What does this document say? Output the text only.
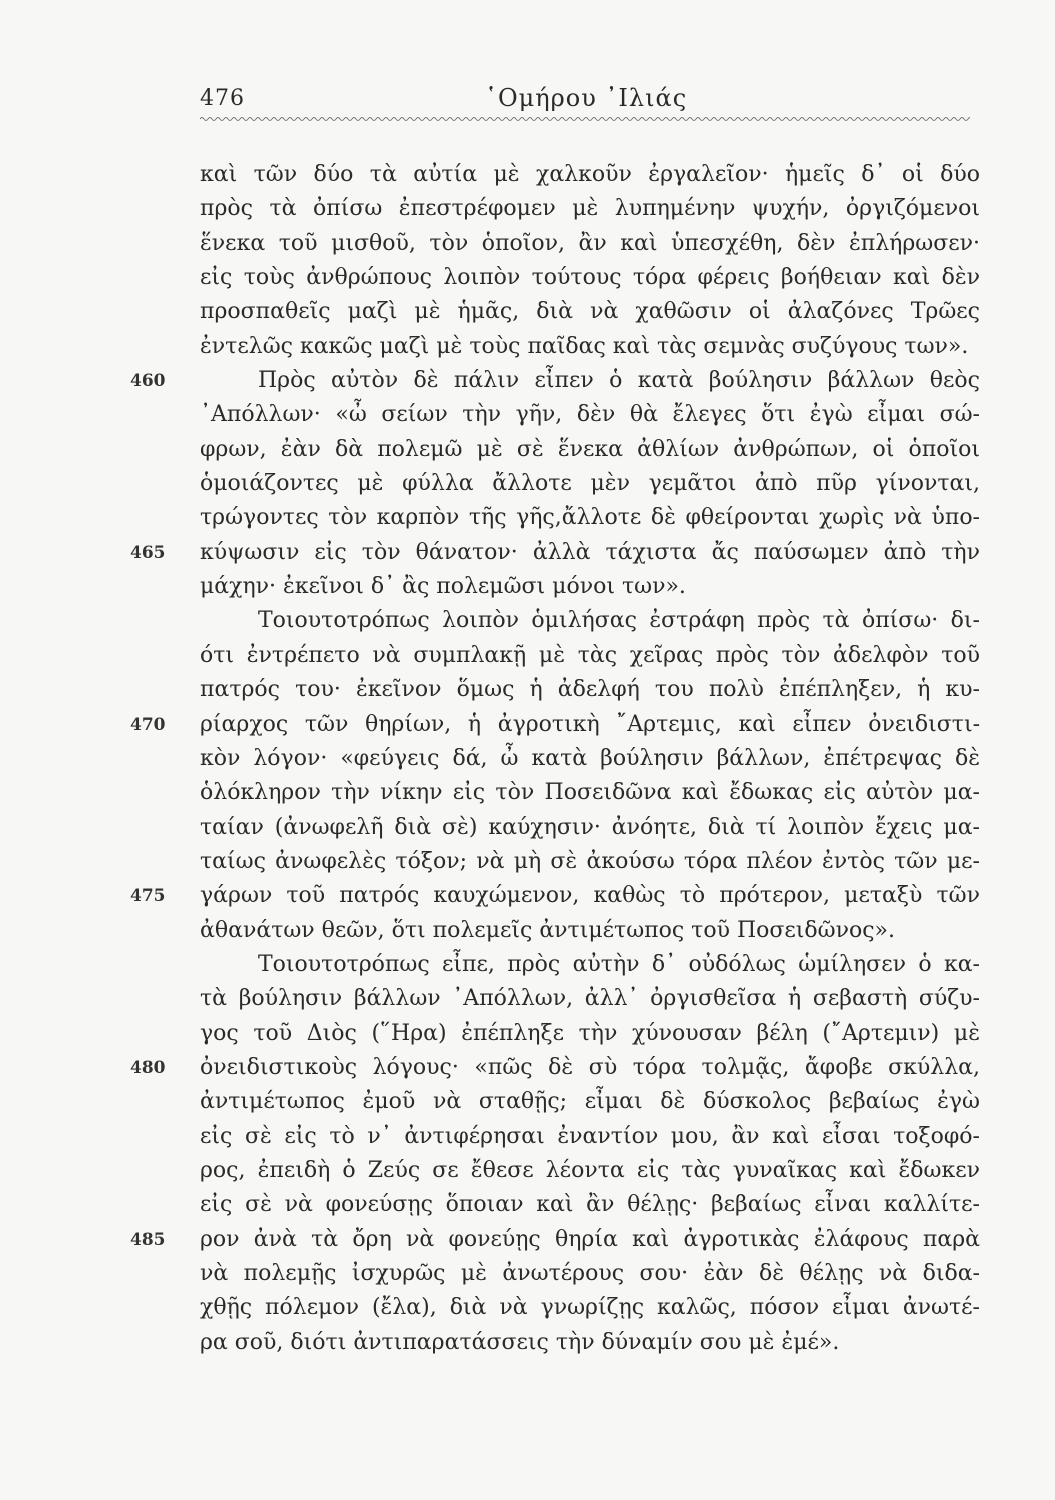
476	῾Ομήρου ᾽Ιλιάς
460
465
470
475
480
485
καὶ τῶν δύο τὰ αὐτία μὲ χαλκοῦν ἐργαλεῖον· ἡμεῖς δ᾽ οἱ δύο
πρὸς τὰ ὀπίσω ἐπεστρέφομεν μὲ λυπημένην ψυχήν, ὀργιζόμενοι
ἕνεκα τοῦ μισθοῦ, τὸν ὁποῖον, ἂν καὶ ὑπεσχέθη, δὲν ἐπλήρωσεν·
εἰς τοὺς ἀνθρώπους λοιπὸν τούτους τόρα φέρεις βοήθειαν καὶ δὲν
προσπαθεῖς μαζὶ μὲ ἡμᾶς, διὰ νὰ χαθῶσιν οἱ ἀλαζόνες Τρῶες
ἐντελῶς κακῶς μαζὶ μὲ τοὺς παῖδας καὶ τὰς σεμνὰς συζύγους των».
Πρὸς αὐτὸν δὲ πάλιν εἶπεν ὁ κατὰ βούλησιν βάλλων θεὸς
᾽Απόλλων· «ὦ σείων τὴν γῆν, δὲν θὰ ἔλεγες ὅτι ἐγὼ εἶμαι σώ-
φρων, ἐὰν δὰ πολεμῶ μὲ σὲ ἕνεκα ἀθλίων ἀνθρώπων, οἱ ὁποῖοι
ὁμοιάζοντες μὲ φύλλα ἄλλοτε μὲν γεμᾶτοι ἀπὸ πῦρ γίνονται,
τρώγοντες τὸν καρπὸν τῆς γῆς,ἄλλοτε δὲ φθείρονται χωρὶς νὰ ὑπο-
κύψωσιν εἰς τὸν θάνατον· ἀλλὰ τάχιστα ἄς παύσωμεν ἀπὸ τὴν
μάχην· ἐκεῖνοι δ᾽ ἂς πολεμῶσι μόνοι των».
Τοιουτοτρόπως λοιπὸν ὁμιλήσας ἐστράφη πρὸς τὰ ὀπίσω· δι-
ότι ἐντρέπετο νὰ συμπλακῇ μὲ τὰς χεῖρας πρὸς τὸν ἀδελφὸν τοῦ
πατρός του· ἐκεῖνον ὅμως ἡ ἀδελφή του πολὺ ἐπέπληξεν, ἡ κυ-
ρίαρχος τῶν θηρίων, ἡ ἀγροτικὴ ῎Αρτεμις, καὶ εἶπεν ὀνειδιστι-
κὸν λόγον· «φεύγεις δά, ὦ κατὰ βούλησιν βάλλων, ἐπέτρεψας δὲ
ὁλόκληρον τὴν νίκην εἰς τὸν Ποσειδῶνα καὶ ἔδωκας εἰς αὐτὸν μα-
ταίαν (ἀνωφελῆ διὰ σὲ) καύχησιν· ἀνόητε, διὰ τί λοιπὸν ἔχεις μα-
ταίως ἀνωφελὲς τόξον; νὰ μὴ σὲ ἀκούσω τόρα πλέον ἐντὸς τῶν με-
γάρων τοῦ πατρός καυχώμενον, καθὼς τὸ πρότερον, μεταξὺ τῶν
ἀθανάτων θεῶν, ὅτι πολεμεῖς ἀντιμέτωπος τοῦ Ποσειδῶνος».
Τοιουτοτρόπως εἶπε, πρὸς αὐτὴν δ᾽ οὐδόλως ὡμίλησεν ὁ κα-
τὰ βούλησιν βάλλων ᾽Απόλλων, ἀλλ᾽ ὀργισθεῖσα ἡ σεβαστὴ σύζυ-
γος τοῦ Διὸς (῞Ηρα) ἐπέπληξε τὴν χύνουσαν βέλη (῎Αρτεμιν) μὲ
ὀνειδιστικοὺς λόγους· «πῶς δὲ σὺ τόρα τολμᾷς, ἄφοβε σκύλλα,
ἀντιμέτωπος ἐμοῦ νὰ σταθῇς; εἶμαι δὲ δύσκολος βεβαίως ἐγὼ
εἰς σὲ εἰς τὸ ν᾽ ἀντιφέρησαι ἐναντίον μου, ἂν καὶ εἶσαι τοξοφό-
ρος, ἐπειδὴ ὁ Ζεύς σε ἔθεσε λέοντα εἰς τὰς γυναῖκας καὶ ἔδωκεν
εἰς σὲ νὰ φονεύσῃς ὅποιαν καὶ ἂν θέλῃς· βεβαίως εἶναι καλλίτε-
ρον ἀνὰ τὰ ὄρη νὰ φονεύῃς θηρία καὶ ἀγροτικὰς ἐλάφους παρὰ
νὰ πολεμῇς ἰσχυρῶς μὲ ἀνωτέρους σου· ἐὰν δὲ θέλῃς νὰ διδα-
χθῇς πόλεμον (ἔλα), διὰ νὰ γνωρίζῃς καλῶς, πόσον εἶμαι ἀνωτέ-
ρα σοῦ, διότι ἀντιπαρατάσσεις τὴν δύναμίν σου μὲ ἐμέ».
